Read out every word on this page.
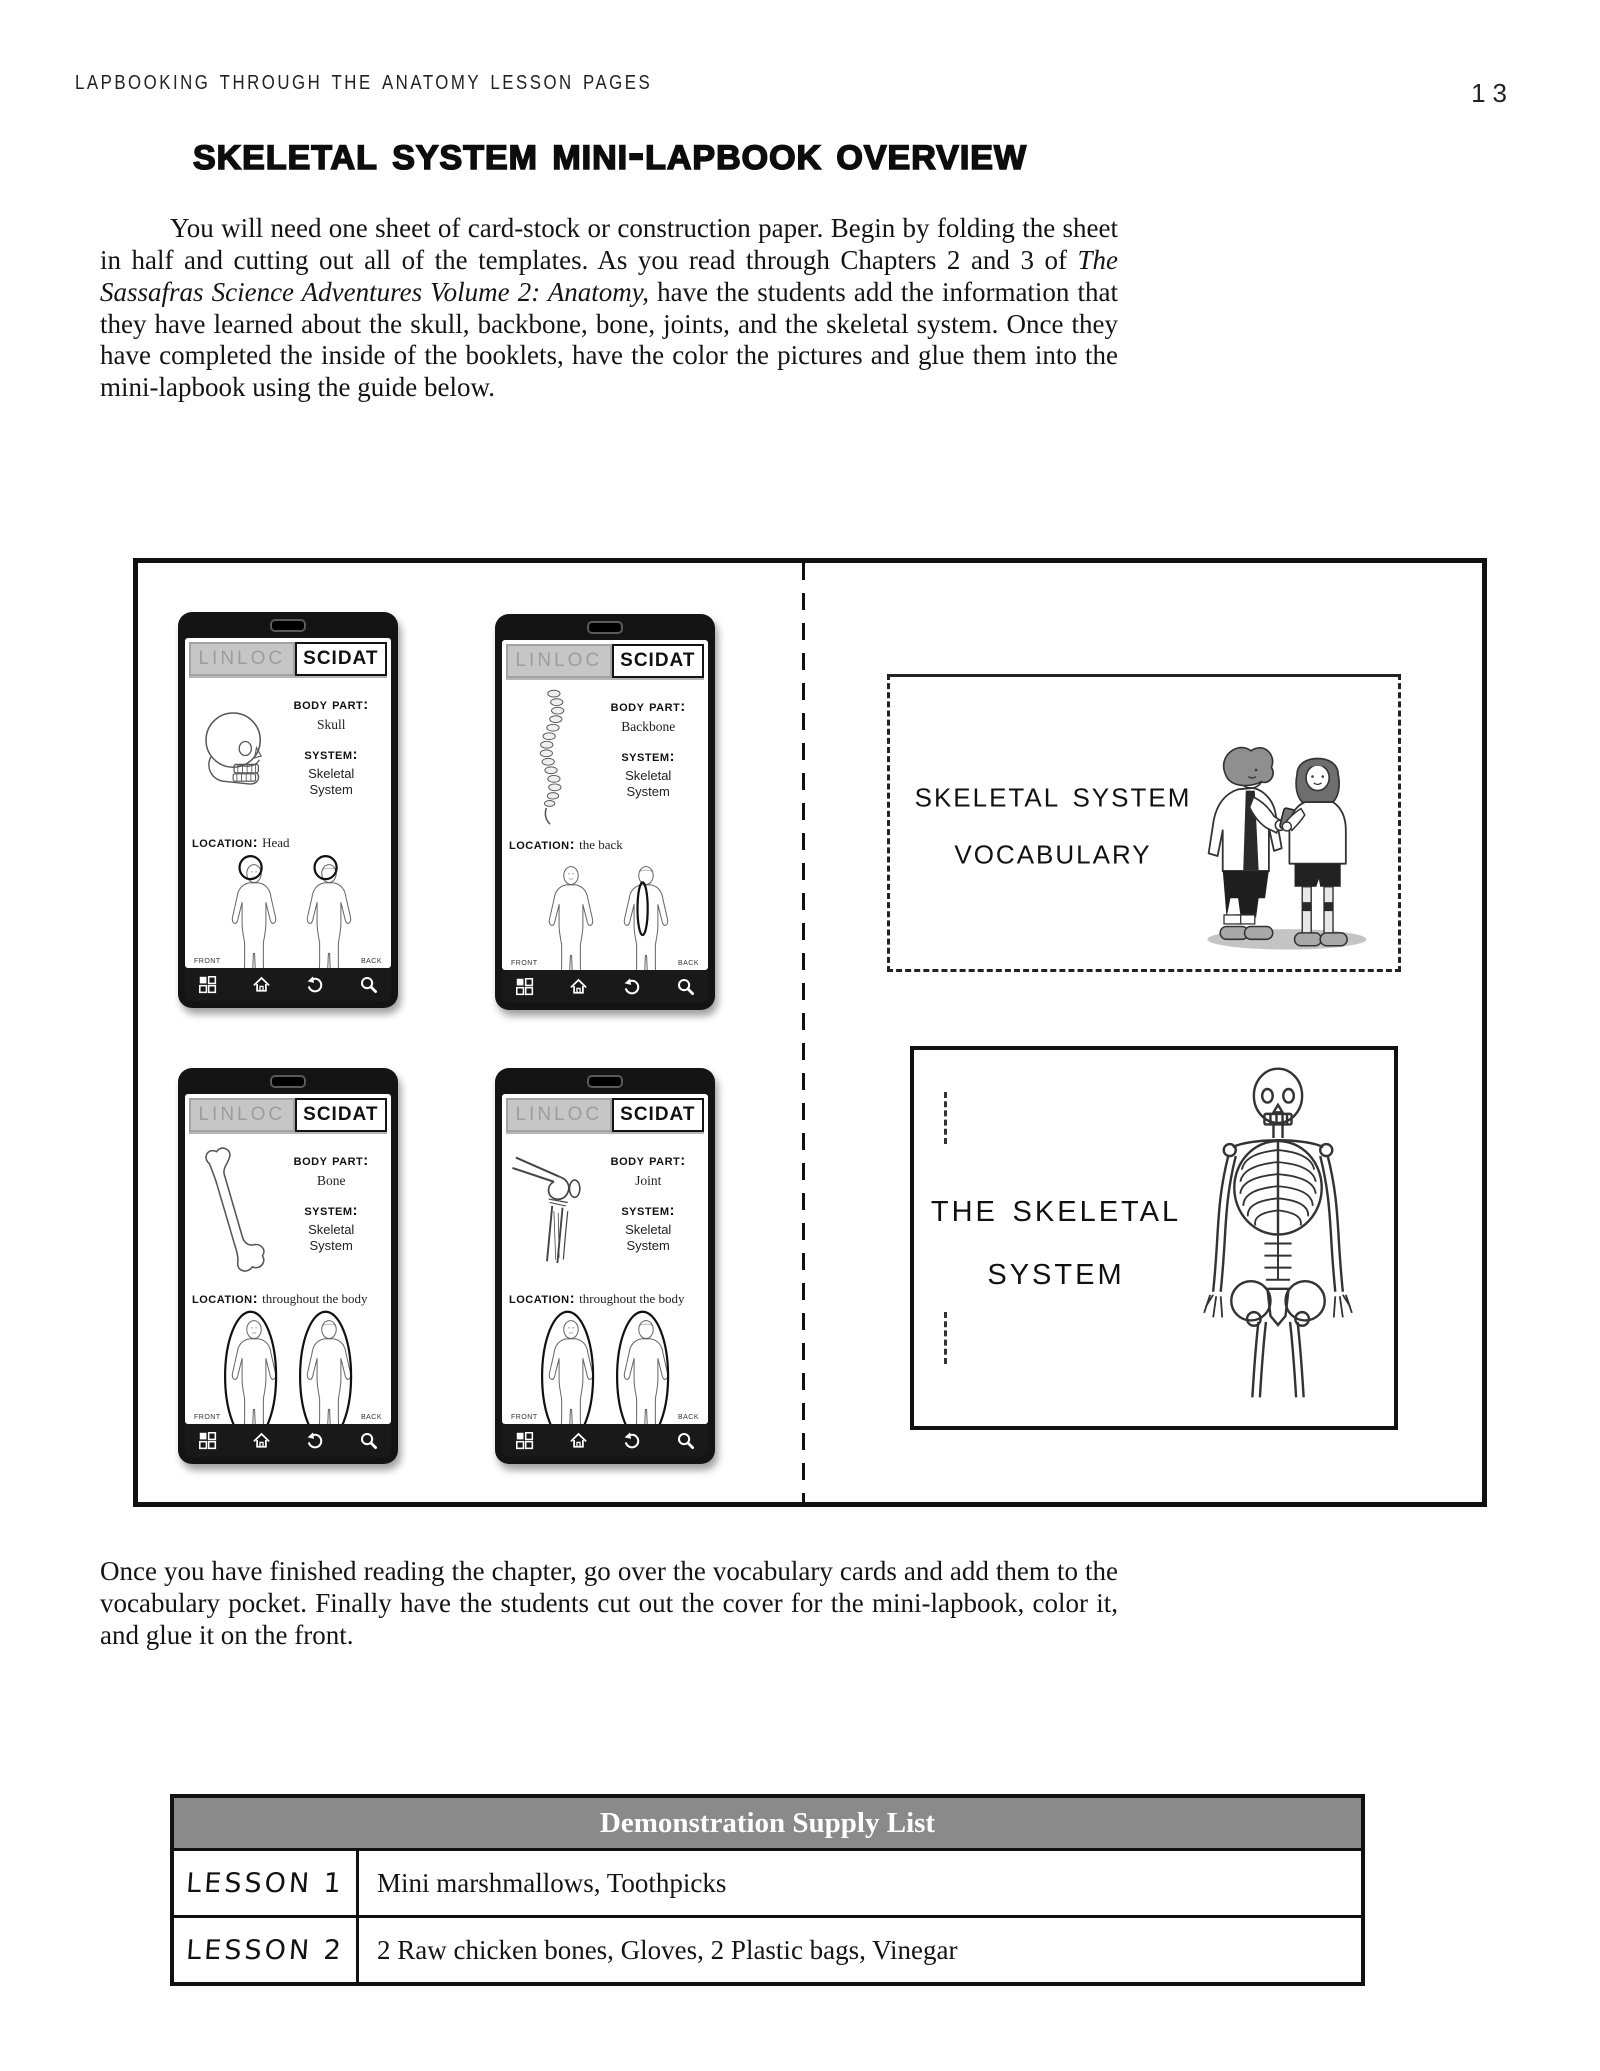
lapbooking through the anatomy lesson pages	13
skeletal system mini-lapbook overview
You will need one sheet of card-stock or construction paper. Begin by folding the sheet in half and cutting out all of the templates. As you read through Chapters 2 and 3 of The Sassafras Science Adventures Volume 2: Anatomy, have the students add the information that they have learned about the skull, backbone, bone, joints, and the skeletal system. Once they have completed the inside of the booklets, have the color the pictures and glue them into the mini-lapbook using the guide below.
LINLOC SCIDAT
body part:
Skull
system:
Skeletal System
location: Head
front	back
LINLOC SCIDAT
body part:
Backbone
system:
Skeletal System
location: the back
front	back
LINLOC SCIDAT
body part:
Bone
system:
Skeletal System
location: throughout the body
front	back
LINLOC SCIDAT
body part:
Joint
system:
Skeletal System
location: throughout the body
front	back
skeletal system vocabulary
the skeletal system
Once you have finished reading the chapter, go over the vocabulary cards and add them to the vocabulary pocket. Finally have the students cut out the cover for the mini-lapbook, color it, and glue it on the front.
Demonstration Supply List	
LESSON 1	Mini marshmallows, Toothpicks
LESSON 2	2 Raw chicken bones, Gloves, 2 Plastic bags, Vinegar
